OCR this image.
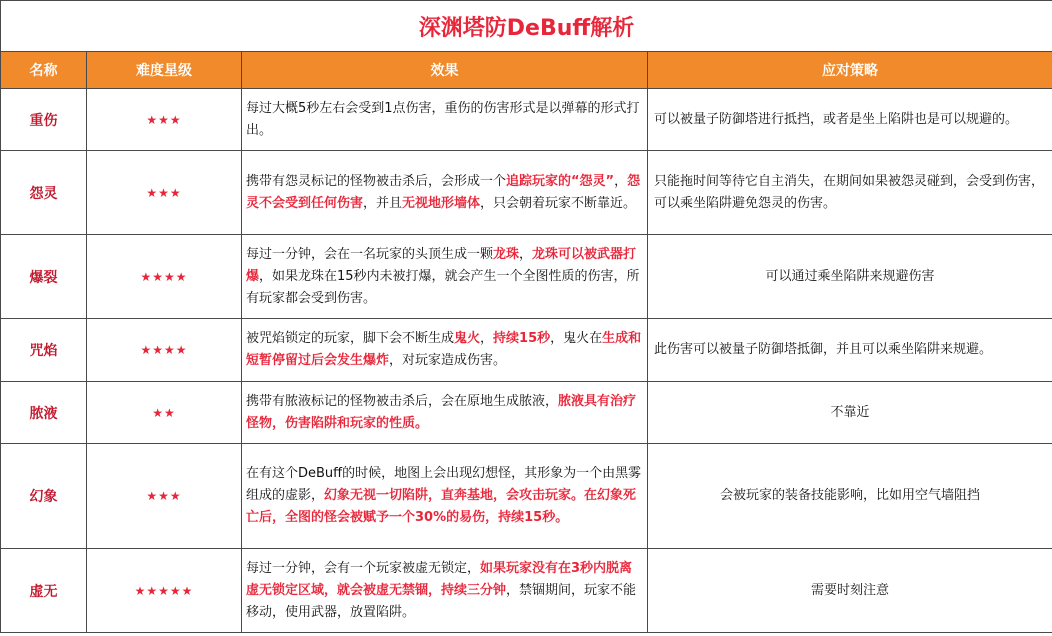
深渊塔防DeBuff解析			
名称	难度星级	效果	应对策略
重伤	★★★	每过大概5秒左右会受到1点伤害，重伤的伤害形式是以弹幕的形式打出。	可以被量子防御塔进行抵挡，或者是坐上陷阱也是可以规避的。
怨灵	★★★	携带有怨灵标记的怪物被击杀后，会形成一个追踪玩家的“怨灵”，怨灵不会受到任何伤害，并且无视地形墙体，只会朝着玩家不断靠近。	只能拖时间等待它自主消失，在期间如果被怨灵碰到，会受到伤害，可以乘坐陷阱避免怨灵的伤害。
爆裂	★★★★	每过一分钟，会在一名玩家的头顶生成一颗龙珠，龙珠可以被武器打爆，如果龙珠在15秒内未被打爆，就会产生一个全图性质的伤害，所有玩家都会受到伤害。	可以通过乘坐陷阱来规避伤害
咒焰	★★★★	被咒焰锁定的玩家，脚下会不断生成鬼火，持续15秒，鬼火在生成和短暂停留过后会发生爆炸，对玩家造成伤害。	此伤害可以被量子防御塔抵御，并且可以乘坐陷阱来规避。
脓液	★★	携带有脓液标记的怪物被击杀后，会在原地生成脓液，脓液具有治疗怪物，伤害陷阱和玩家的性质。	不靠近
幻象	★★★	在有这个DeBuff的时候，地图上会出现幻想怪，其形象为一个由黑雾组成的虚影，幻象无视一切陷阱，直奔基地，会攻击玩家。在幻象死亡后，全图的怪会被赋予一个30%的易伤，持续15秒。	会被玩家的装备技能影响，比如用空气墙阻挡
虚无	★★★★★	每过一分钟，会有一个玩家被虚无锁定，如果玩家没有在3秒内脱离虚无锁定区域，就会被虚无禁锢，持续三分钟，禁锢期间，玩家不能移动，使用武器，放置陷阱。	需要时刻注意
